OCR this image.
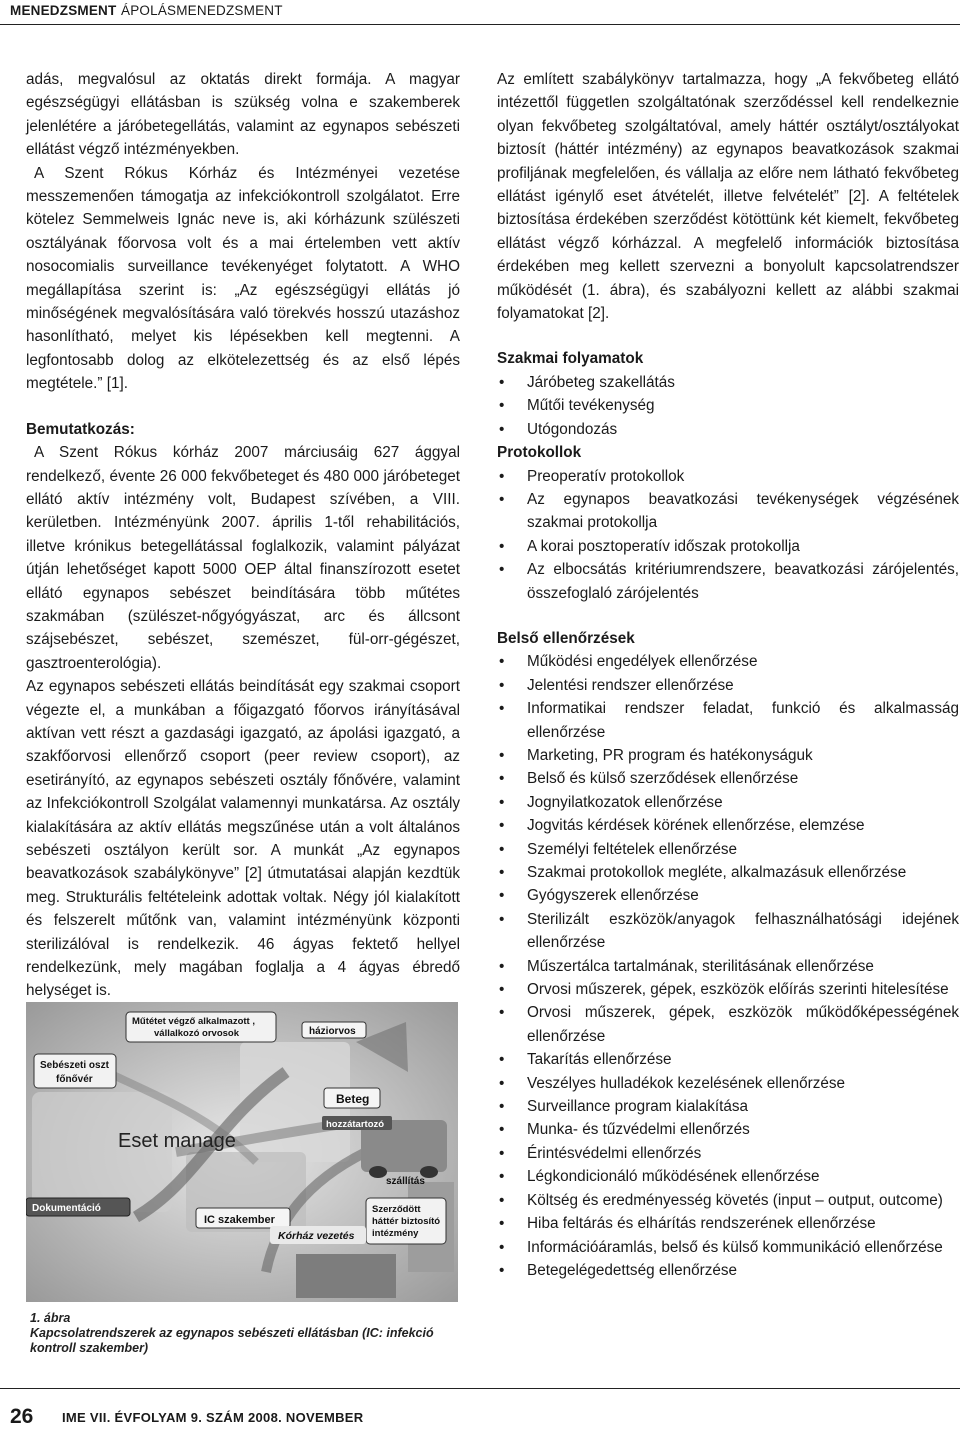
MENEDZSMENT ÁPOLÁSMENEDZSMENT

adás, megvalósul az oktatás direkt formája. A magyar egészségügyi ellátásban is szükség volna e szakemberek jelenlétére a járóbetegellátás, valamint az egynapos sebészeti ellátást végző intézményekben.

A Szent Rókus Kórház és Intézményei vezetése messzemenően támogatja az infekciókontroll szolgálatot. Erre kötelez Semmelweis Ignác neve is, aki kórházunk szülészeti osztályának főorvosa volt és a mai értelemben vett aktív nosocomialis surveillance tevékenyéget folytatott. A WHO megállapítása szerint is: „Az egészségügyi ellátás jó minőségének megvalósítására való törekvés hosszú utazáshoz hasonlítható, melyet kis lépésekben kell megtenni. A legfontosabb dolog az elkötelezettség és az első lépés megtétele.” [1].

Bemutatkozás:

A Szent Rókus kórház 2007 márciusáig 627 ággyal rendelkező, évente 26 000 fekvőbeteget és 480 000 járóbeteget ellátó aktív intézmény volt, Budapest szívében, a VIII. kerületben. Intézményünk 2007. április 1-től rehabilitációs, illetve krónikus betegellátással foglalkozik, valamint pályázat útján lehetőséget kapott 5000 OEP által finanszírozott esetet ellátó egynapos sebészet beindítására több műtétes szakmában (szülészet-nőgyógyászat, arc és állcsont szájsebészet, sebészet, szemészet, fül-orr-gégészet, gasztroenterológia).

Az egynapos sebészeti ellátás beindítását egy szakmai csoport végezte el, a munkában a főigazgató főorvos irányításával aktívan vett részt a gazdasági igazgató, az ápolási igazgató, a szakfőorvosi ellenőrző csoport (peer review csoport), az esetirányító, az egynapos sebészeti osztály főnővére, valamint az Infekciókontroll Szolgálat valamennyi munkatársa. Az osztály kialakítására az aktív ellátás megszűnése után a volt általános sebészeti osztályon került sor. A munkát „Az egynapos beavatkozások szabálykönyve” [2] útmutatásai alapján kezdtük meg. Strukturális feltételeink adottak voltak. Négy jól kialakított és felszerelt műtőnk van, valamint intézményünk központi sterilizálóval is rendelkezik. 46 ágyas fektető hellyel rendelkezünk, mely magában foglalja a 4 ágyas ébredő helységet is.

Műtétet végző alkalmazott ,
vállalkozó orvosok	háziorvos
Sebészeti oszt
főnővér
Beteg
hozzátartozó
Eset manage
szállítás
Szerződött
háttér biztosító
intézmény
Dokumentáció
IC szakember
Kórház vezetés
1. ábra
Kapcsolatrendszerek az egynapos sebészeti ellátásban (IC: infekció kontroll szakember)

Az említett szabálykönyv tartalmazza, hogy „A fekvőbeteg ellátó intézettől független szolgáltatónak szerződéssel kell rendelkeznie olyan fekvőbeteg szolgáltatóval, amely háttér osztályt/osztályokat biztosít (háttér intézmény) az egynapos beavatkozások szakmai profiljának megfelelően, és vállalja az előre nem látható fekvőbeteg ellátást igénylő eset átvételét, illetve felvételét” [2]. A feltételek biztosítása érdekében szerződést kötöttünk két kiemelt, fekvőbeteg ellátást végző kórházzal. A megfelelő információk biztosítása érdekében meg kellett szervezni a bonyolult kapcsolatrendszer működését (1. ábra), és szabályozni kellett az alábbi szakmai folyamatokat [2].

Szakmai folyamatok

• Járóbeteg szakellátás
• Műtői tevékenység
• Utógondozás

Protokollok

• Preoperatív protokollok
• Az egynapos beavatkozási tevékenységek végzésének szakmai protokollja
• A korai posztoperatív időszak protokollja
• Az elbocsátás kritériumrendszere, beavatkozási zárójelentés, összefoglaló zárójelentés

Belső ellenőrzések

• Működési engedélyek ellenőrzése
• Jelentési rendszer ellenőrzése
• Informatikai rendszer feladat, funkció és alkalmasság ellenőrzése
• Marketing, PR program és hatékonyságuk
• Belső és külső szerződések ellenőrzése
• Jognyilatkozatok ellenőrzése
• Jogvitás kérdések körének ellenőrzése, elemzése
• Személyi feltételek ellenőrzése
• Szakmai protokollok megléte, alkalmazásuk ellenőrzése
• Gyógyszerek ellenőrzése
• Sterilizált eszközök/anyagok felhasználhatósági idejének ellenőrzése
• Műszertálca tartalmának, sterilitásának ellenőrzése
• Orvosi műszerek, gépek, eszközök előírás szerinti hitelesítése
• Orvosi műszerek, gépek, eszközök működőképességének ellenőrzése
• Takarítás ellenőrzése
• Veszélyes hulladékok kezelésének ellenőrzése
• Surveillance program kialakítása
• Munka- és tűzvédelmi ellenőrzés
• Érintésvédelmi ellenőrzés
• Légkondicionáló működésének ellenőrzése
• Költség és eredményesség követés (input – output, outcome)
• Hiba feltárás és elhárítás rendszerének ellenőrzése
• Információáramlás, belső és külső kommunikáció ellenőrzése
• Betegelégedettség ellenőrzése
26 IME VII. ÉVFOLYAM 9. SZÁM 2008. NOVEMBER
